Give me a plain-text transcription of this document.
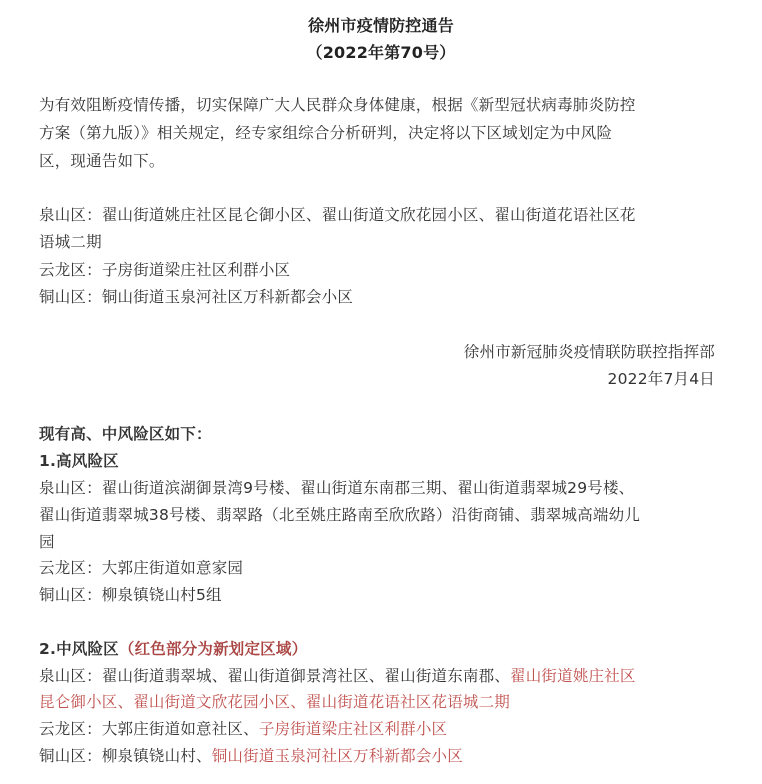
徐州市疫情防控通告
（2022年第70号）
为有效阻断疫情传播，切实保障广大人民群众身体健康，根据《新型冠状病毒肺炎防控
方案（第九版）》相关规定，经专家组综合分析研判，决定将以下区域划定为中风险
区，现通告如下。
泉山区：翟山街道姚庄社区昆仑御小区、翟山街道文欣花园小区、翟山街道花语社区花
语城二期
云龙区：子房街道梁庄社区利群小区
铜山区：铜山街道玉泉河社区万科新都会小区
徐州市新冠肺炎疫情联防联控指挥部
2022年7月4日
现有高、中风险区如下：
1.高风险区
泉山区：翟山街道滨湖御景湾9号楼、翟山街道东南郡三期、翟山街道翡翠城29号楼、
翟山街道翡翠城38号楼、翡翠路（北至姚庄路南至欣欣路）沿街商铺、翡翠城高端幼儿
园
云龙区：大郭庄街道如意家园
铜山区：柳泉镇铙山村5组
2.中风险区（红色部分为新划定区域）
泉山区：翟山街道翡翠城、翟山街道御景湾社区、翟山街道东南郡、翟山街道姚庄社区
昆仑御小区、翟山街道文欣花园小区、翟山街道花语社区花语城二期
云龙区：大郭庄街道如意社区、子房街道梁庄社区利群小区
铜山区：柳泉镇铙山村、铜山街道玉泉河社区万科新都会小区
